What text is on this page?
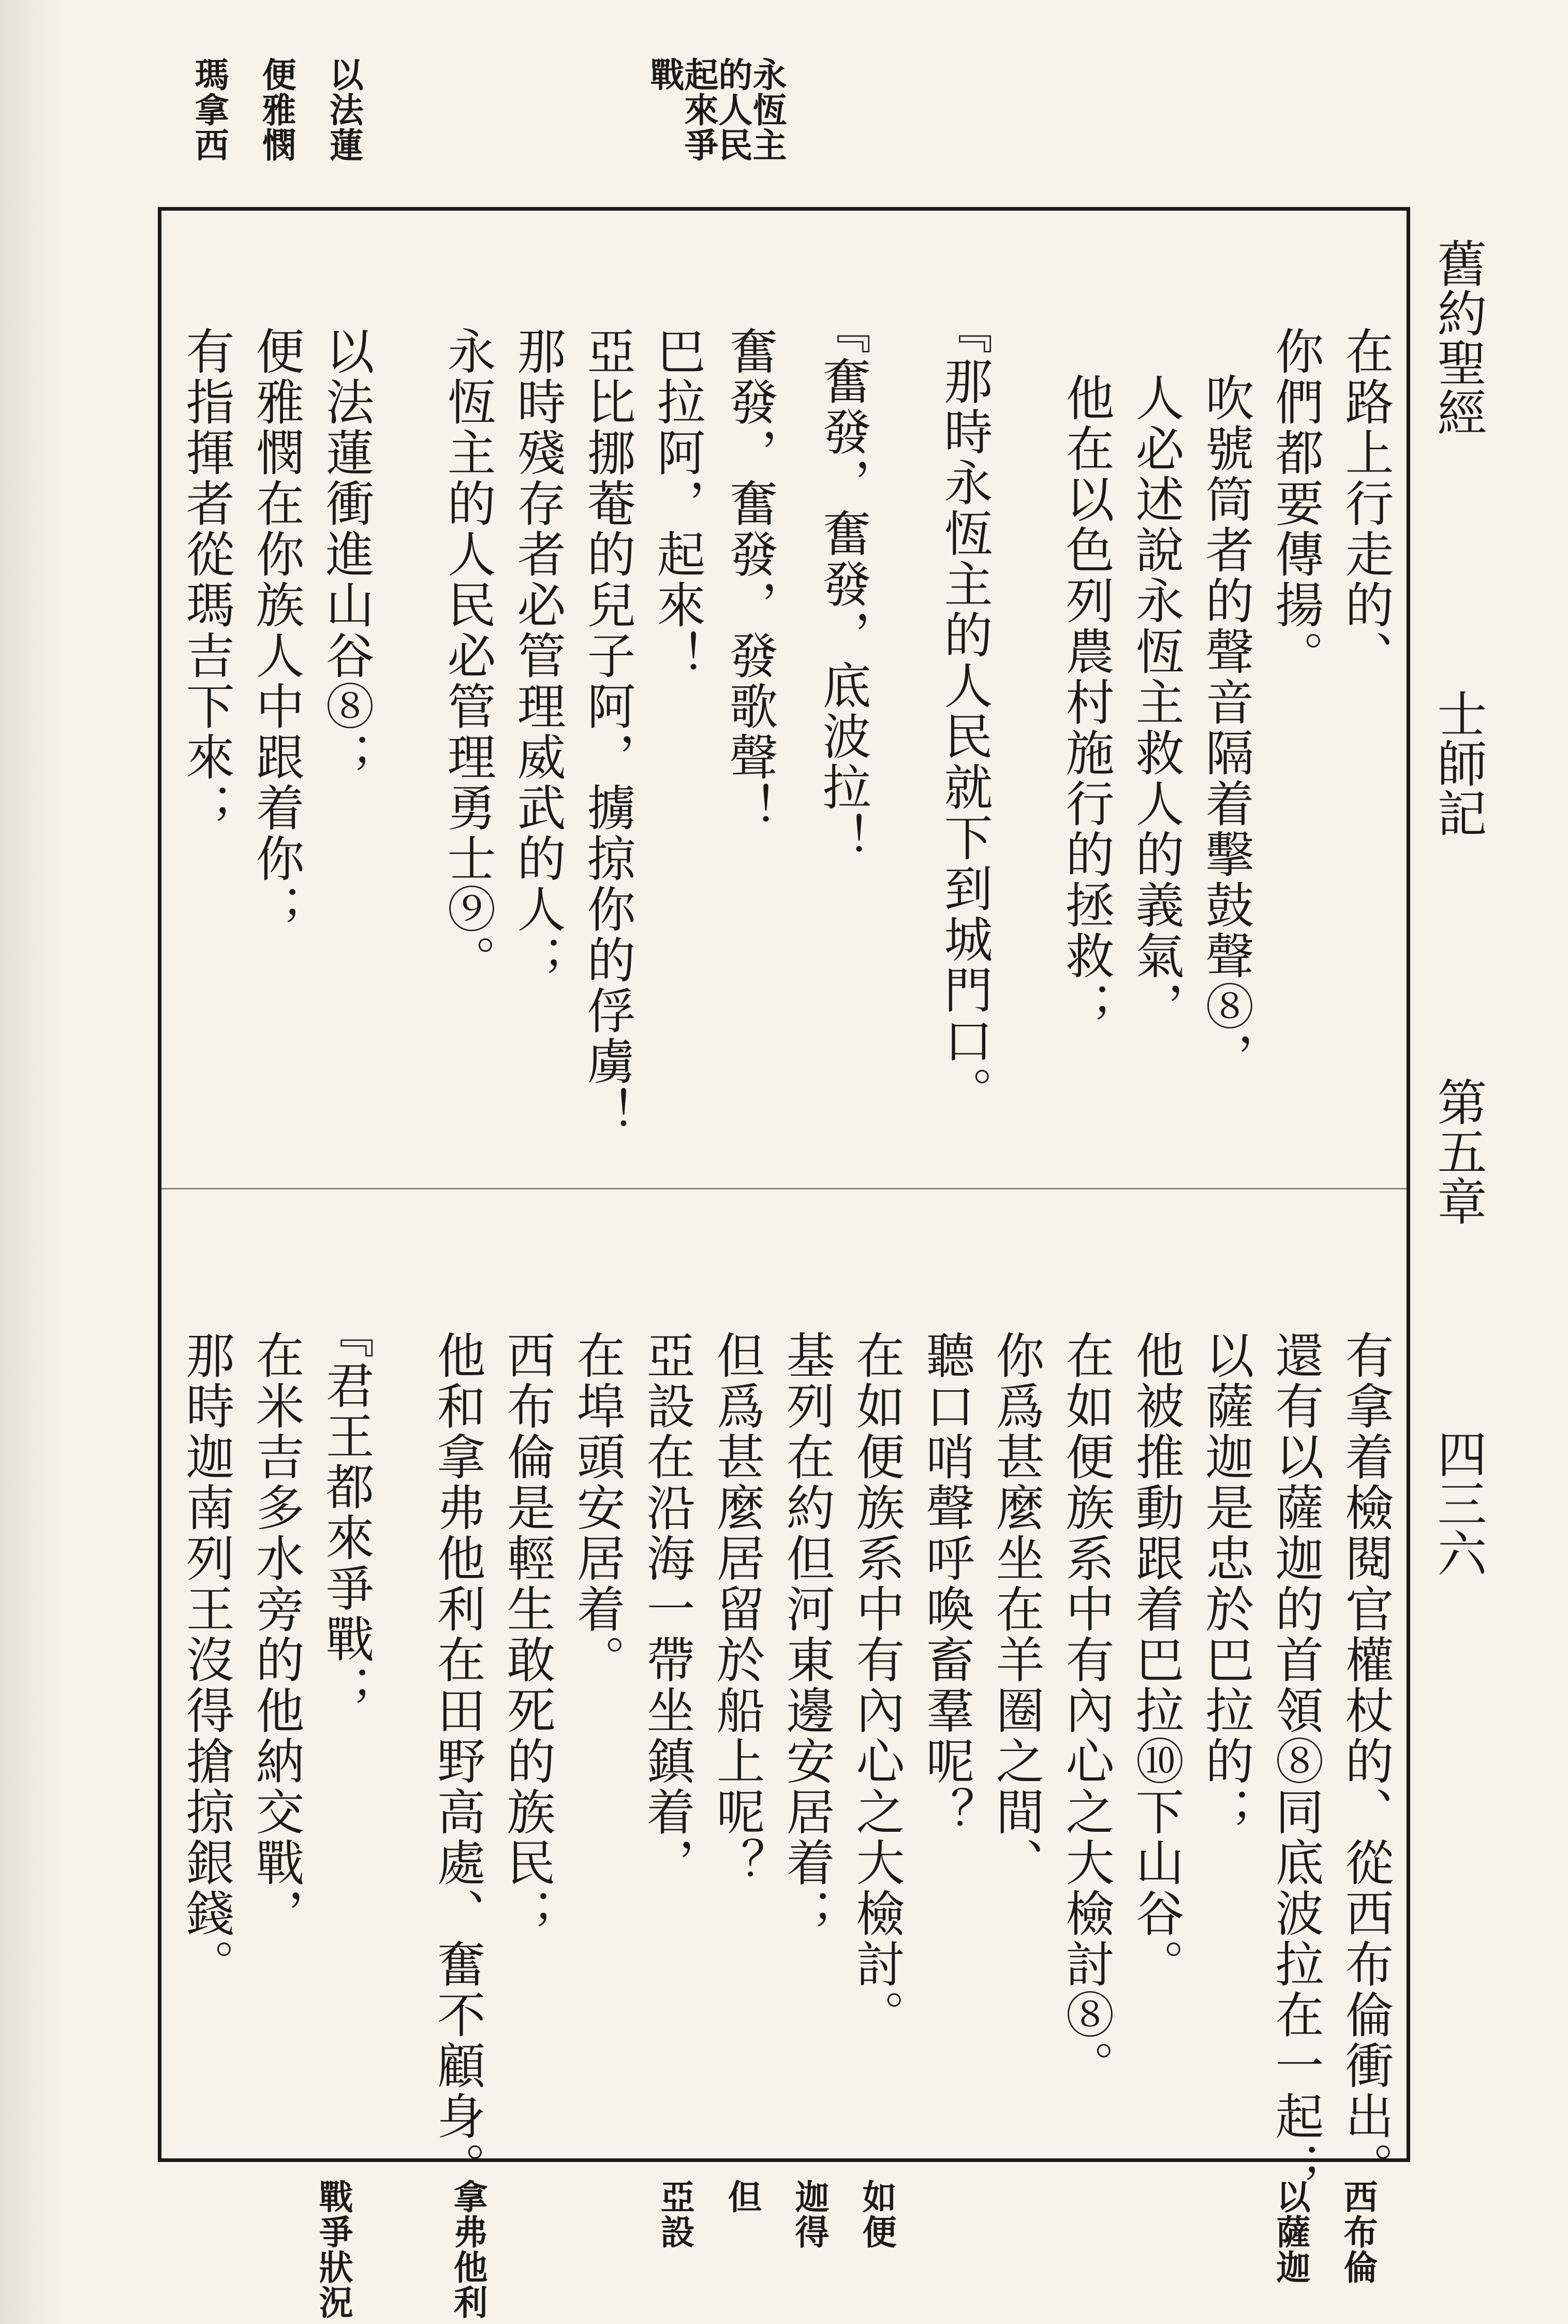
舊約聖經
士師記
第五章
四三六
以法蓮
便雅憫
瑪拿西	永恆主的人民起來爭戰
在路上行走的、
你們都要傳揚。
吹號筒者的聲音隔着擊鼓聲⑧，
人必述說永恆主救人的義氣，
他在以色列農村施行的拯救；
『那時永恆主的人民就下到城門口。
『奮發，奮發，底波拉！
奮發，奮發，發歌聲！
巴拉阿，起來！
亞比挪菴的兒子阿，擄掠你的俘虜！
那時殘存者必管理威武的人；
永恆主的人民必管理勇士⑨。
以法蓮衝進山谷⑧；
便雅憫在你族人中跟着你；
有指揮者從瑪吉下來；
有拿着檢閱官權杖的、從西布倫衝出。
還有以薩迦的首領⑧同底波拉在一起；
以薩迦是忠於巴拉的；
他被推動跟着巴拉⑩下山谷。
在如便族系中有內心之大檢討⑧。
你爲甚麼坐在羊圈之間、
聽口哨聲呼喚畜羣呢？
在如便族系中有內心之大檢討。
基列在約但河東邊安居着；
但爲甚麼居留於船上呢？
亞設在沿海一帶坐鎮着，
在埠頭安居着。
西布倫是輕生敢死的族民；
他和拿弗他利在田野高處、奮不顧身。
『君王都來爭戰；
在米吉多水旁的他納交戰，
那時迦南列王沒得搶掠銀錢。
西布倫
以薩迦
如便
迦得
但
亞設
拿弗他利
戰爭狀況
